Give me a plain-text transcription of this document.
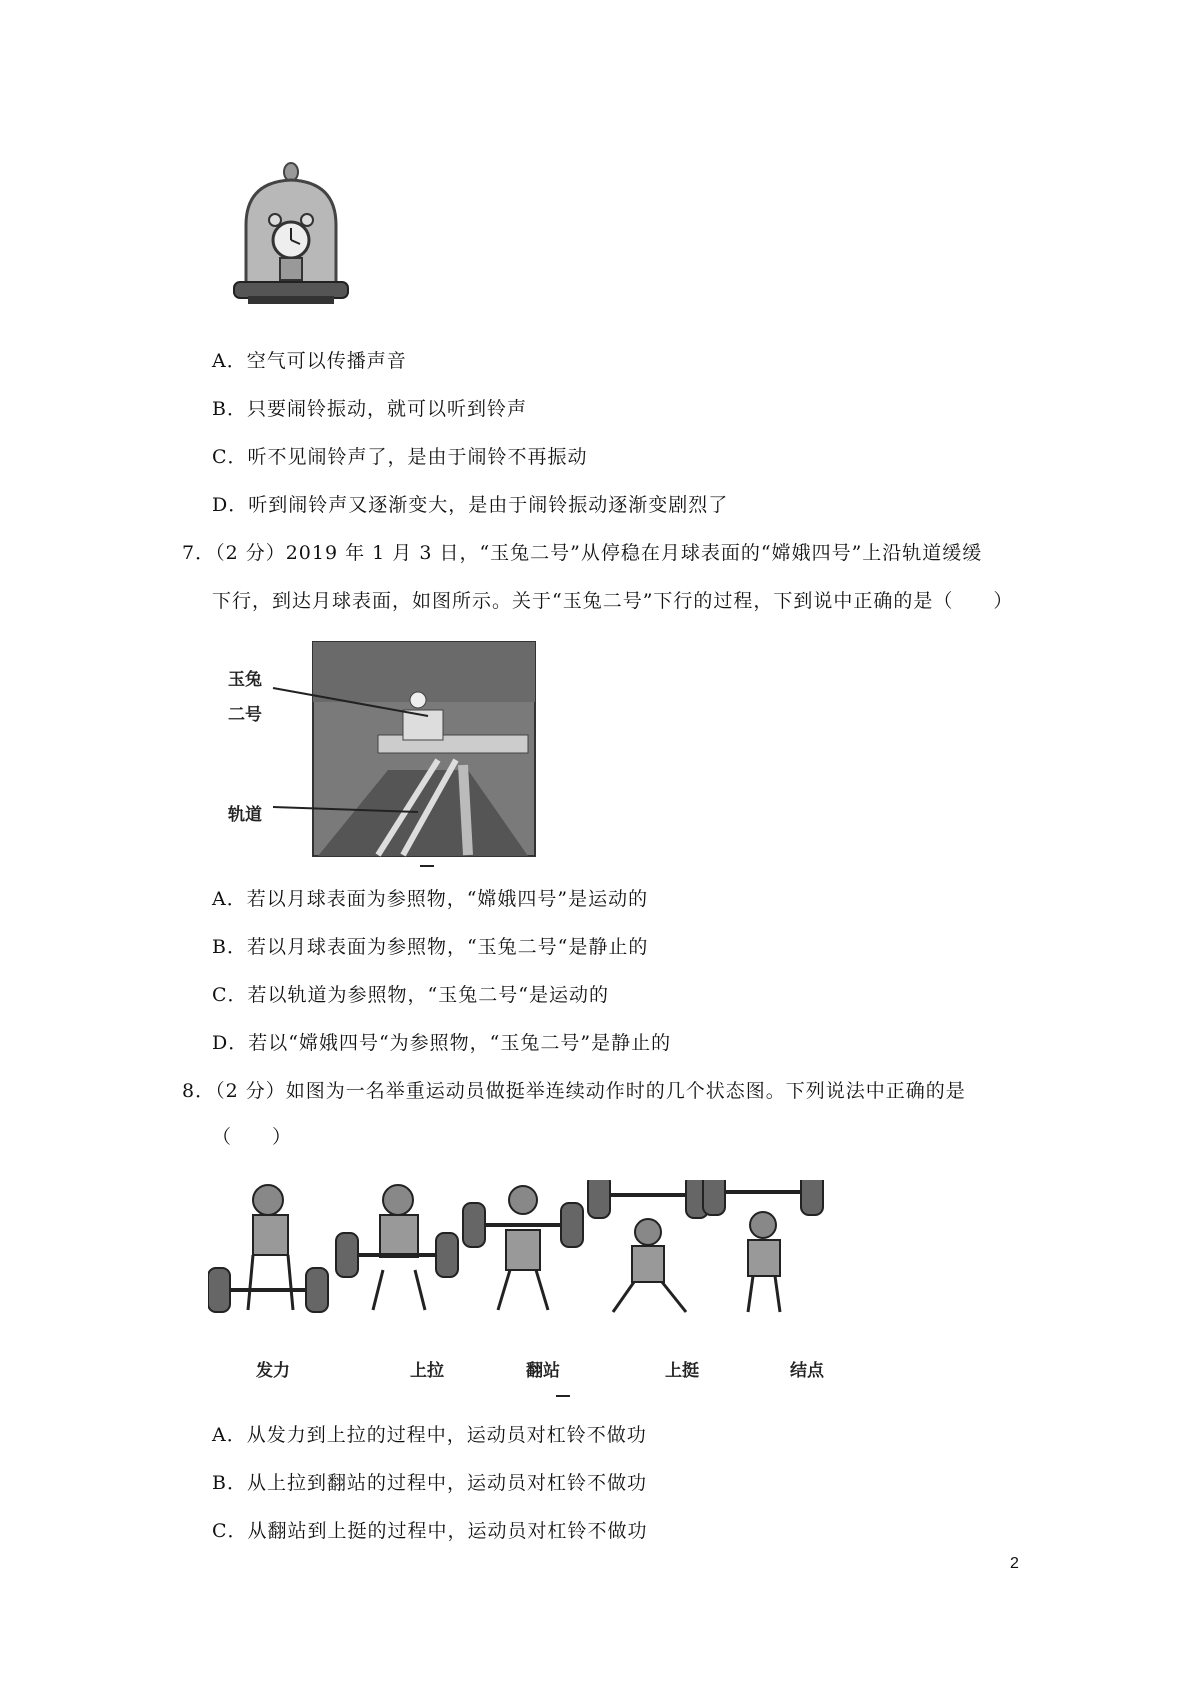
A．空气可以传播声音
B．只要闹铃振动，就可以听到铃声
C．听不见闹铃声了，是由于闹铃不再振动
D．听到闹铃声又逐渐变大，是由于闹铃振动逐渐变剧烈了
7．（2 分）2019 年 1 月 3 日，“玉兔二号”从停稳在月球表面的“嫦娥四号”上沿轨道缓缓
下行，到达月球表面，如图所示。关于“玉兔二号”下行的过程，下到说中正确的是（　　）
玉兔
二号
轨道
A．若以月球表面为参照物，“嫦娥四号”是运动的
B．若以月球表面为参照物，“玉兔二号“是静止的
C．若以轨道为参照物，“玉兔二号“是运动的
D．若以“嫦娥四号“为参照物，“玉兔二号”是静止的
8．（2 分）如图为一名举重运动员做挺举连续动作时的几个状态图。下列说法中正确的是
（　　）
发力	上拉	翻站	上挺	结点
A．从发力到上拉的过程中，运动员对杠铃不做功
B．从上拉到翻站的过程中，运动员对杠铃不做功
C．从翻站到上挺的过程中，运动员对杠铃不做功
2
